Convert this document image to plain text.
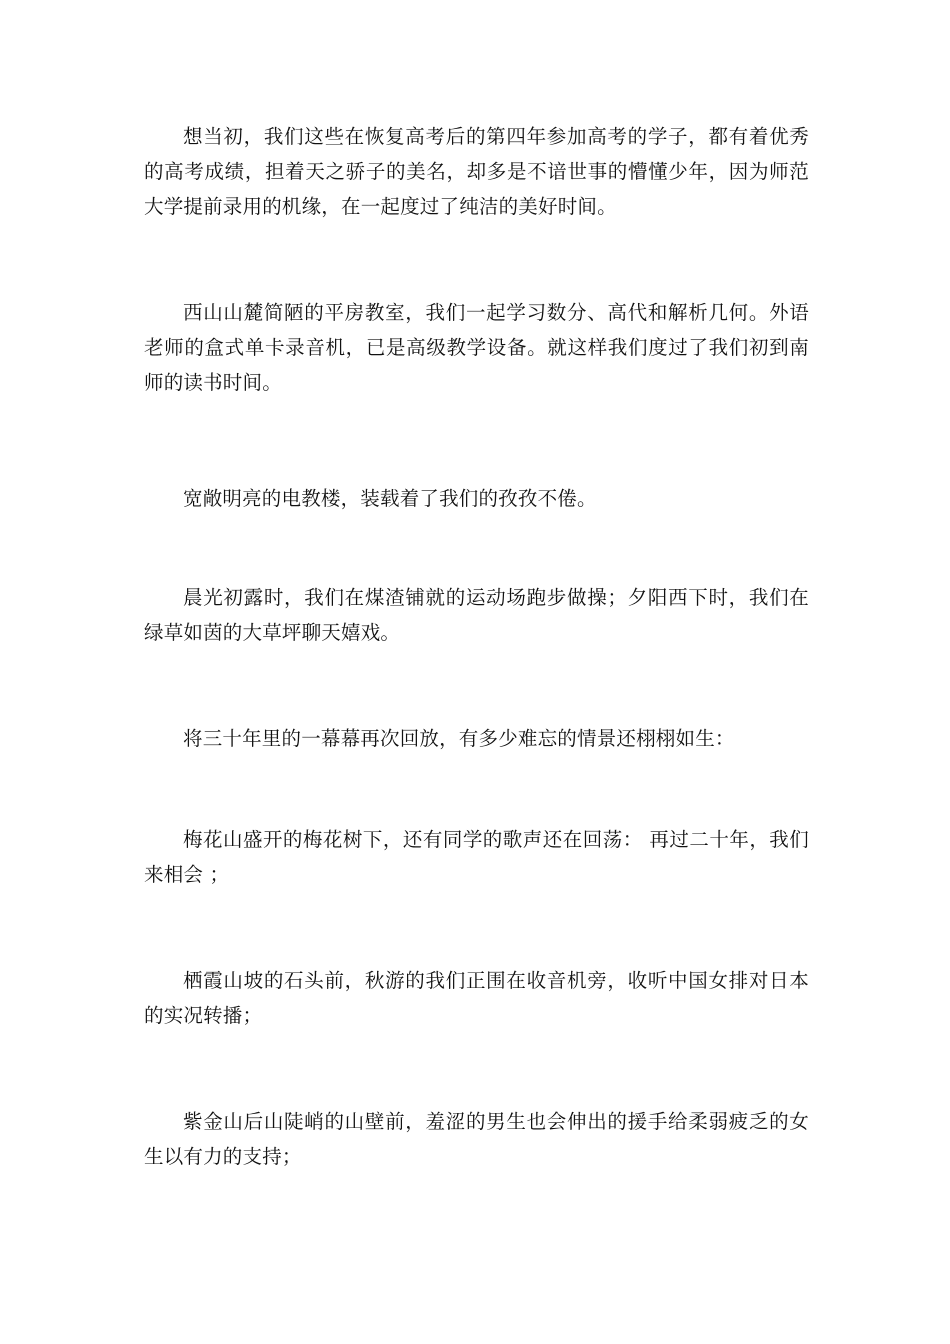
想当初，我们这些在恢复高考后的第四年参加高考的学子，都有着优秀的高考成绩，担着天之骄子的美名，却多是不谙世事的懵懂少年，因为师范大学提前录用的机缘，在一起度过了纯洁的美好时间。

西山山麓简陋的平房教室，我们一起学习数分、高代和解析几何。外语老师的盒式单卡录音机，已是高级教学设备。就这样我们度过了我们初到南师的读书时间。

宽敞明亮的电教楼，装载着了我们的孜孜不倦。

晨光初露时，我们在煤渣铺就的运动场跑步做操；夕阳西下时，我们在绿草如茵的大草坪聊天嬉戏。

将三十年里的一幕幕再次回放，有多少难忘的情景还栩栩如生：

梅花山盛开的梅花树下，还有同学的歌声还在回荡： 再过二十年，我们来相会 ；

栖霞山坡的石头前，秋游的我们正围在收音机旁，收听中国女排对日本的实况转播；

紫金山后山陡峭的山壁前，羞涩的男生也会伸出的援手给柔弱疲乏的女生以有力的支持；
